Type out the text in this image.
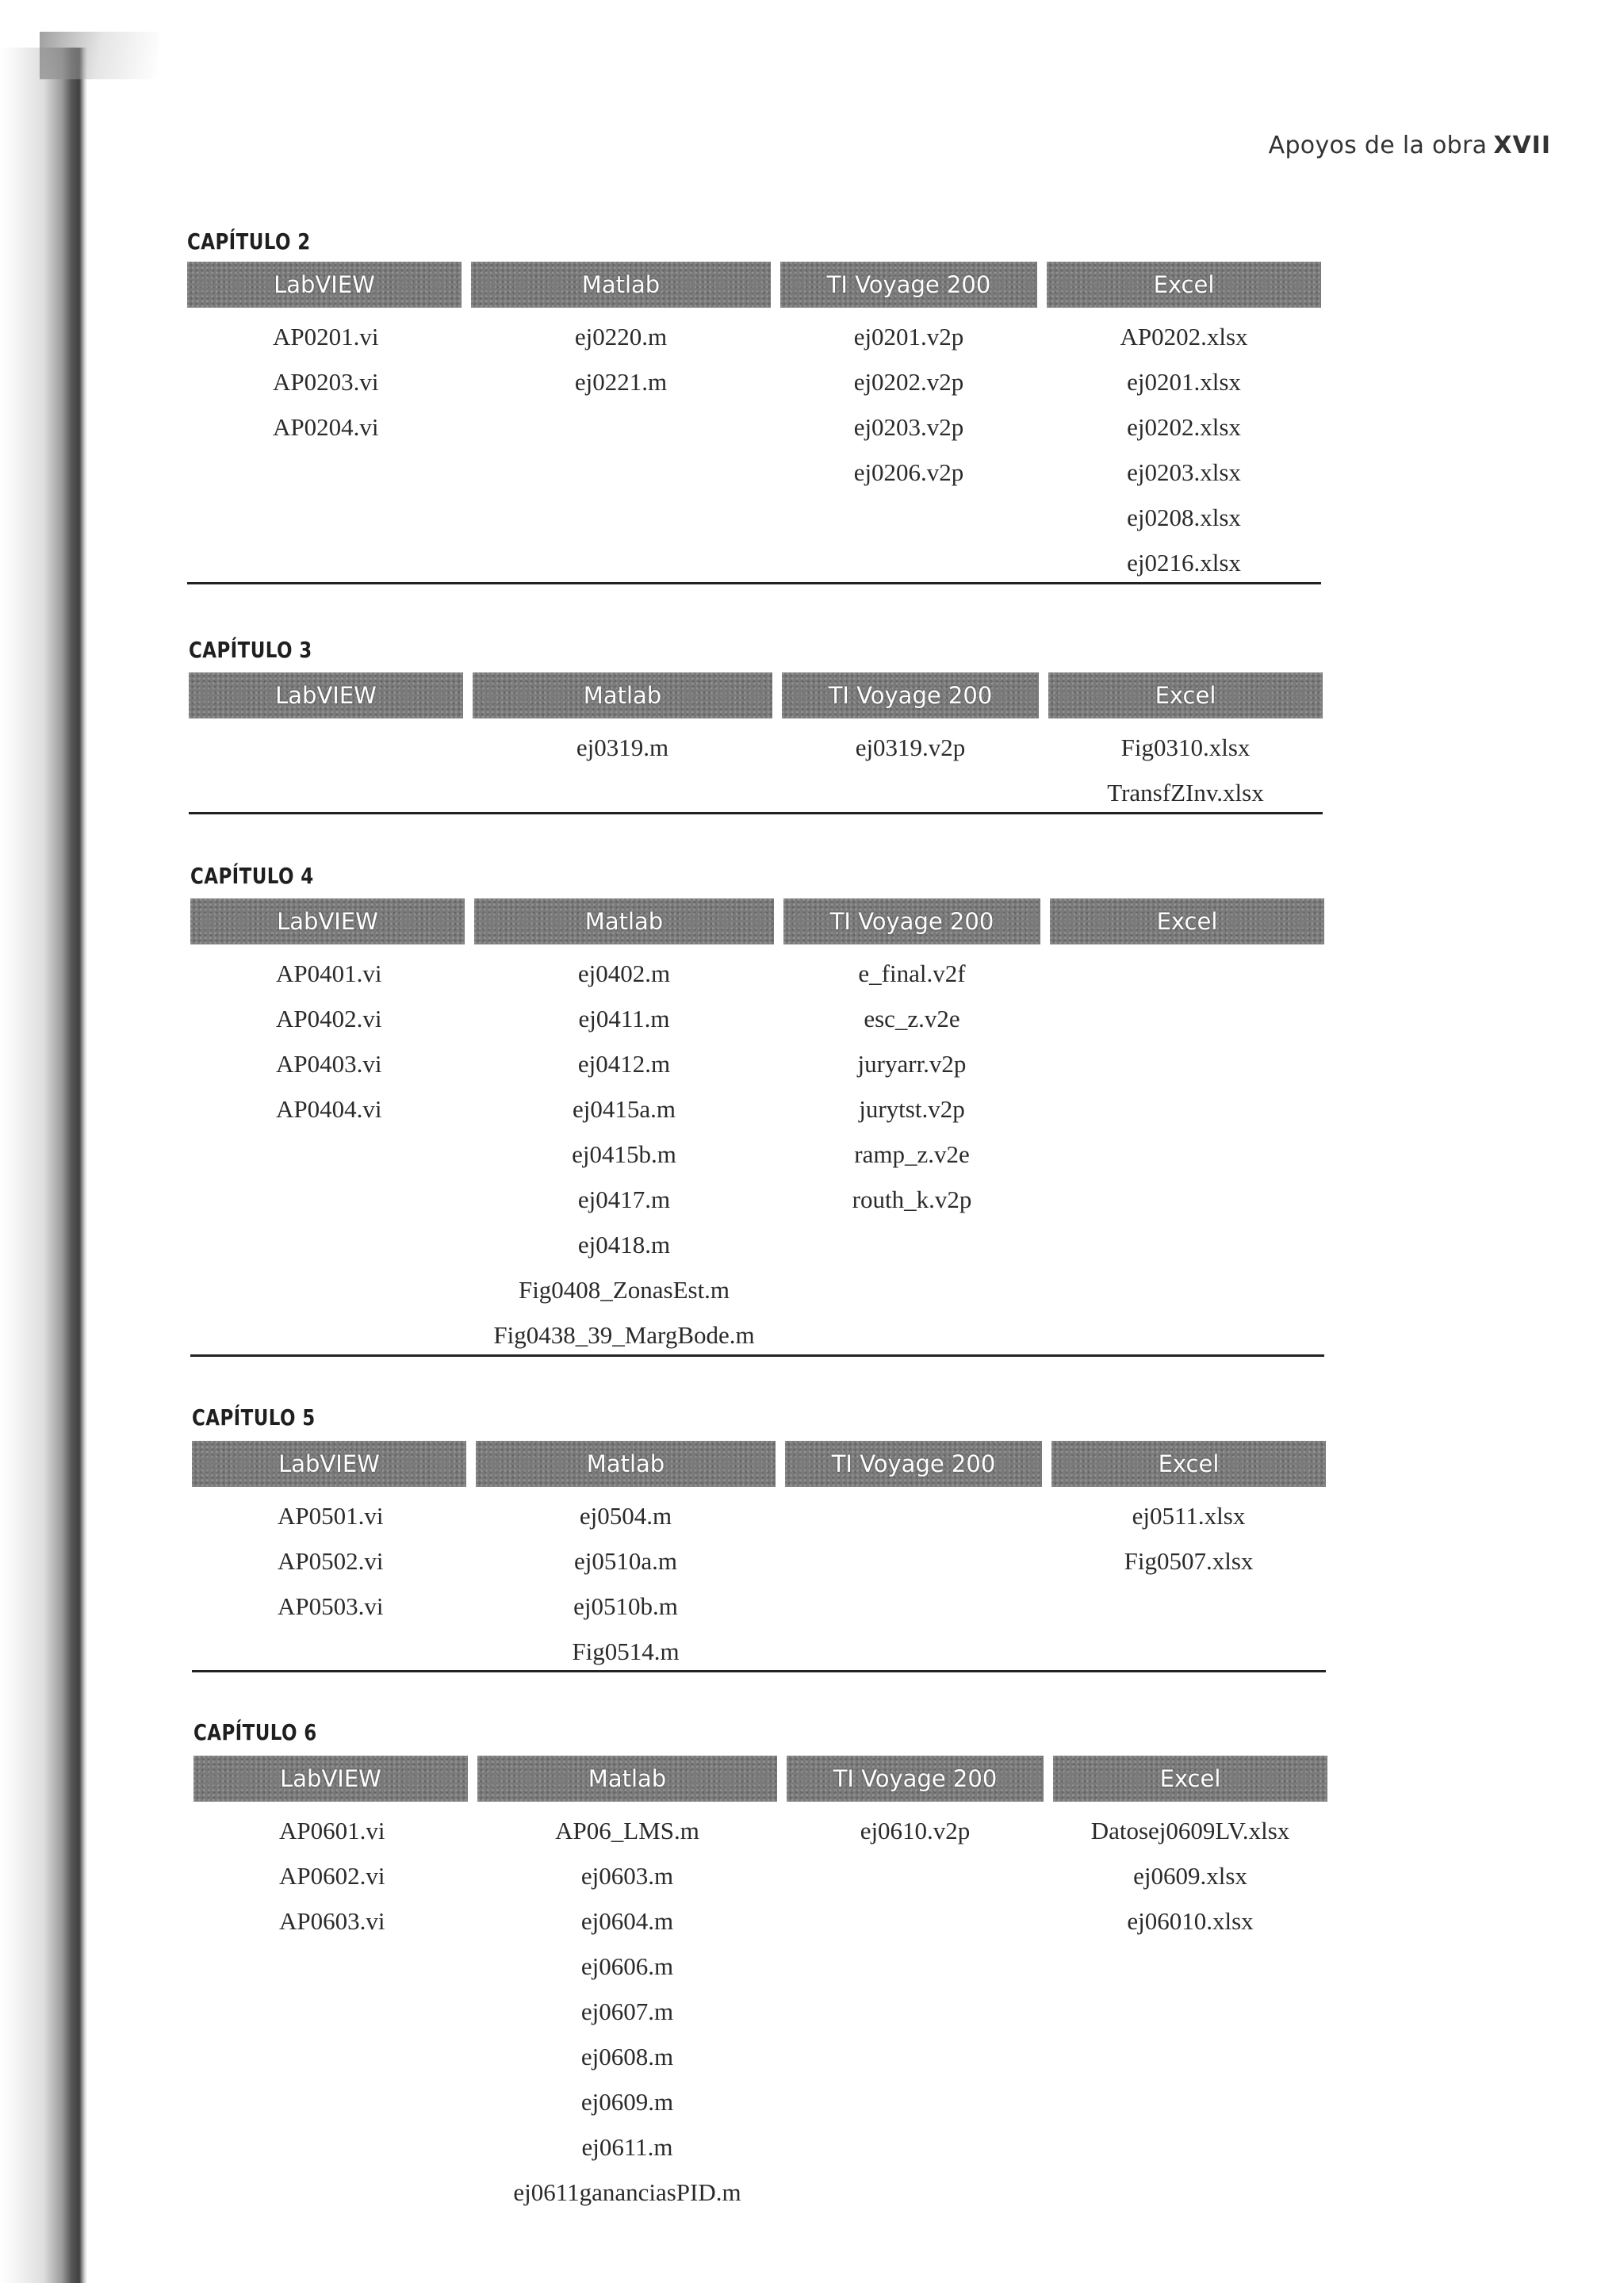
Apoyos de la obra XVII
CAPÍTULO 2
LabVIEW
AP0201.vi
AP0203.vi
AP0204.vi
Matlab
ej0220.m
ej0221.m
TI Voyage 200
ej0201.v2p
ej0202.v2p
ej0203.v2p
ej0206.v2p
Excel
AP0202.xlsx
ej0201.xlsx
ej0202.xlsx
ej0203.xlsx
ej0208.xlsx
ej0216.xlsx
CAPÍTULO 3
LabVIEW	Matlab
ej0319.m
TI Voyage 200
ej0319.v2p
Excel
Fig0310.xlsx
TransfZInv.xlsx
CAPÍTULO 4
LabVIEW
AP0401.vi
AP0402.vi
AP0403.vi
AP0404.vi
Matlab
ej0402.m
ej0411.m
ej0412.m
ej0415a.m
ej0415b.m
ej0417.m
ej0418.m
Fig0408_ZonasEst.m
Fig0438_39_MargBode.m
TI Voyage 200
e_final.v2f
esc_z.v2e
juryarr.v2p
jurytst.v2p
ramp_z.v2e
routh_k.v2p
Excel
CAPÍTULO 5
LabVIEW
AP0501.vi
AP0502.vi
AP0503.vi
Matlab
ej0504.m
ej0510a.m
ej0510b.m
Fig0514.m
TI Voyage 200	Excel
ej0511.xlsx
Fig0507.xlsx
CAPÍTULO 6
LabVIEW
AP0601.vi
AP0602.vi
AP0603.vi
Matlab
AP06_LMS.m
ej0603.m
ej0604.m
ej0606.m
ej0607.m
ej0608.m
ej0609.m
ej0611.m
ej0611gananciasPID.m
TI Voyage 200
ej0610.v2p
Excel
Datosej0609LV.xlsx
ej0609.xlsx
ej06010.xlsx
